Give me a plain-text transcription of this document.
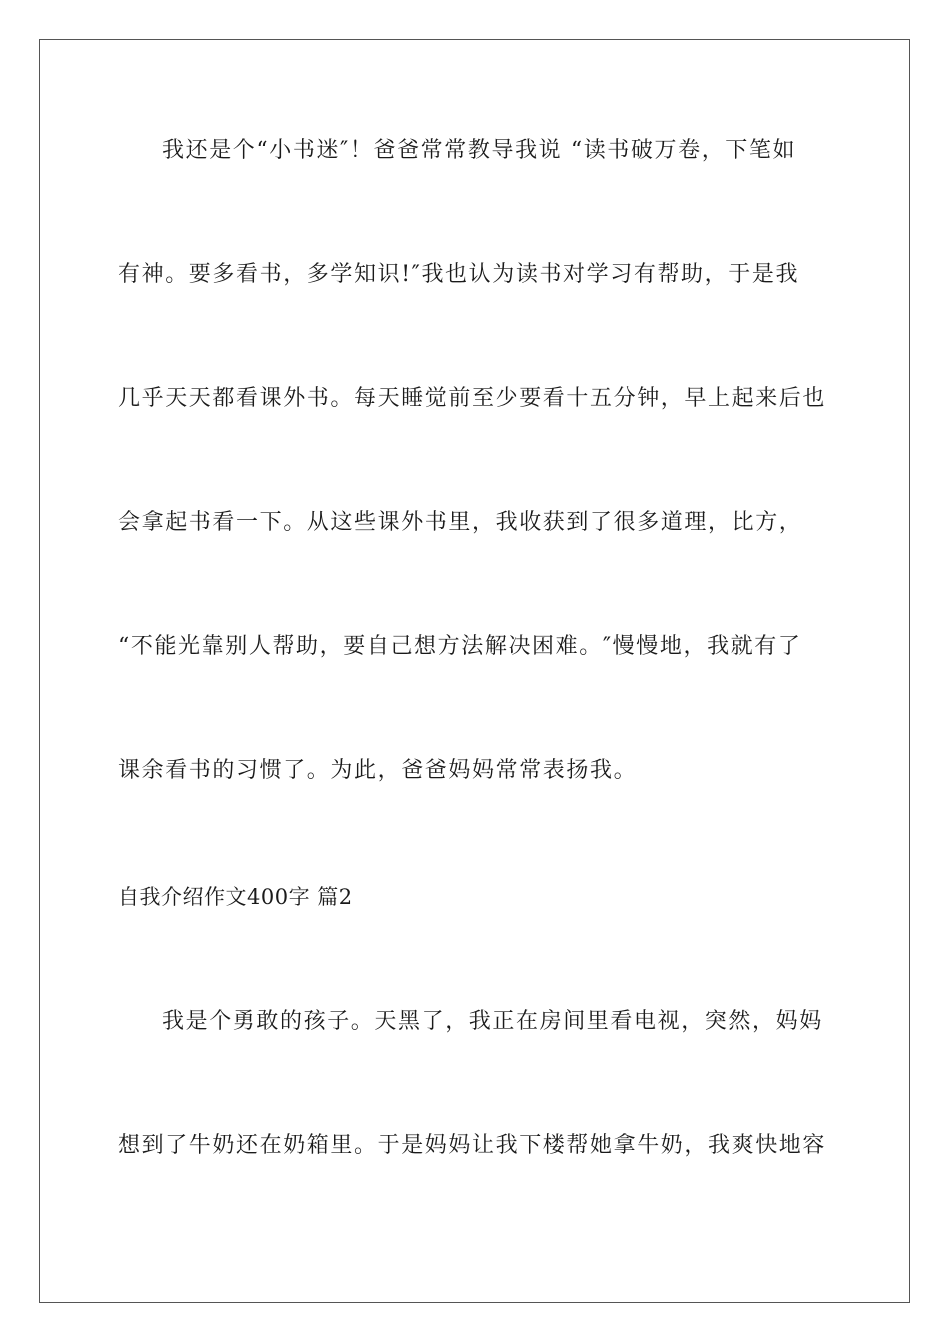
我还是个“小书迷″！爸爸常常教导我说 “读书破万卷，下笔如
有神。要多看书，多学知识!″我也认为读书对学习有帮助，于是我
几乎天天都看课外书。每天睡觉前至少要看十五分钟，早上起来后也
会拿起书看一下。从这些课外书里，我收获到了很多道理，比方，
“不能光靠别人帮助，要自己想方法解决困难。″慢慢地，我就有了
课余看书的习惯了。为此，爸爸妈妈常常表扬我。
自我介绍作文400字 篇2
我是个勇敢的孩子。天黑了，我正在房间里看电视，突然，妈妈
想到了牛奶还在奶箱里。于是妈妈让我下楼帮她拿牛奶，我爽快地容
